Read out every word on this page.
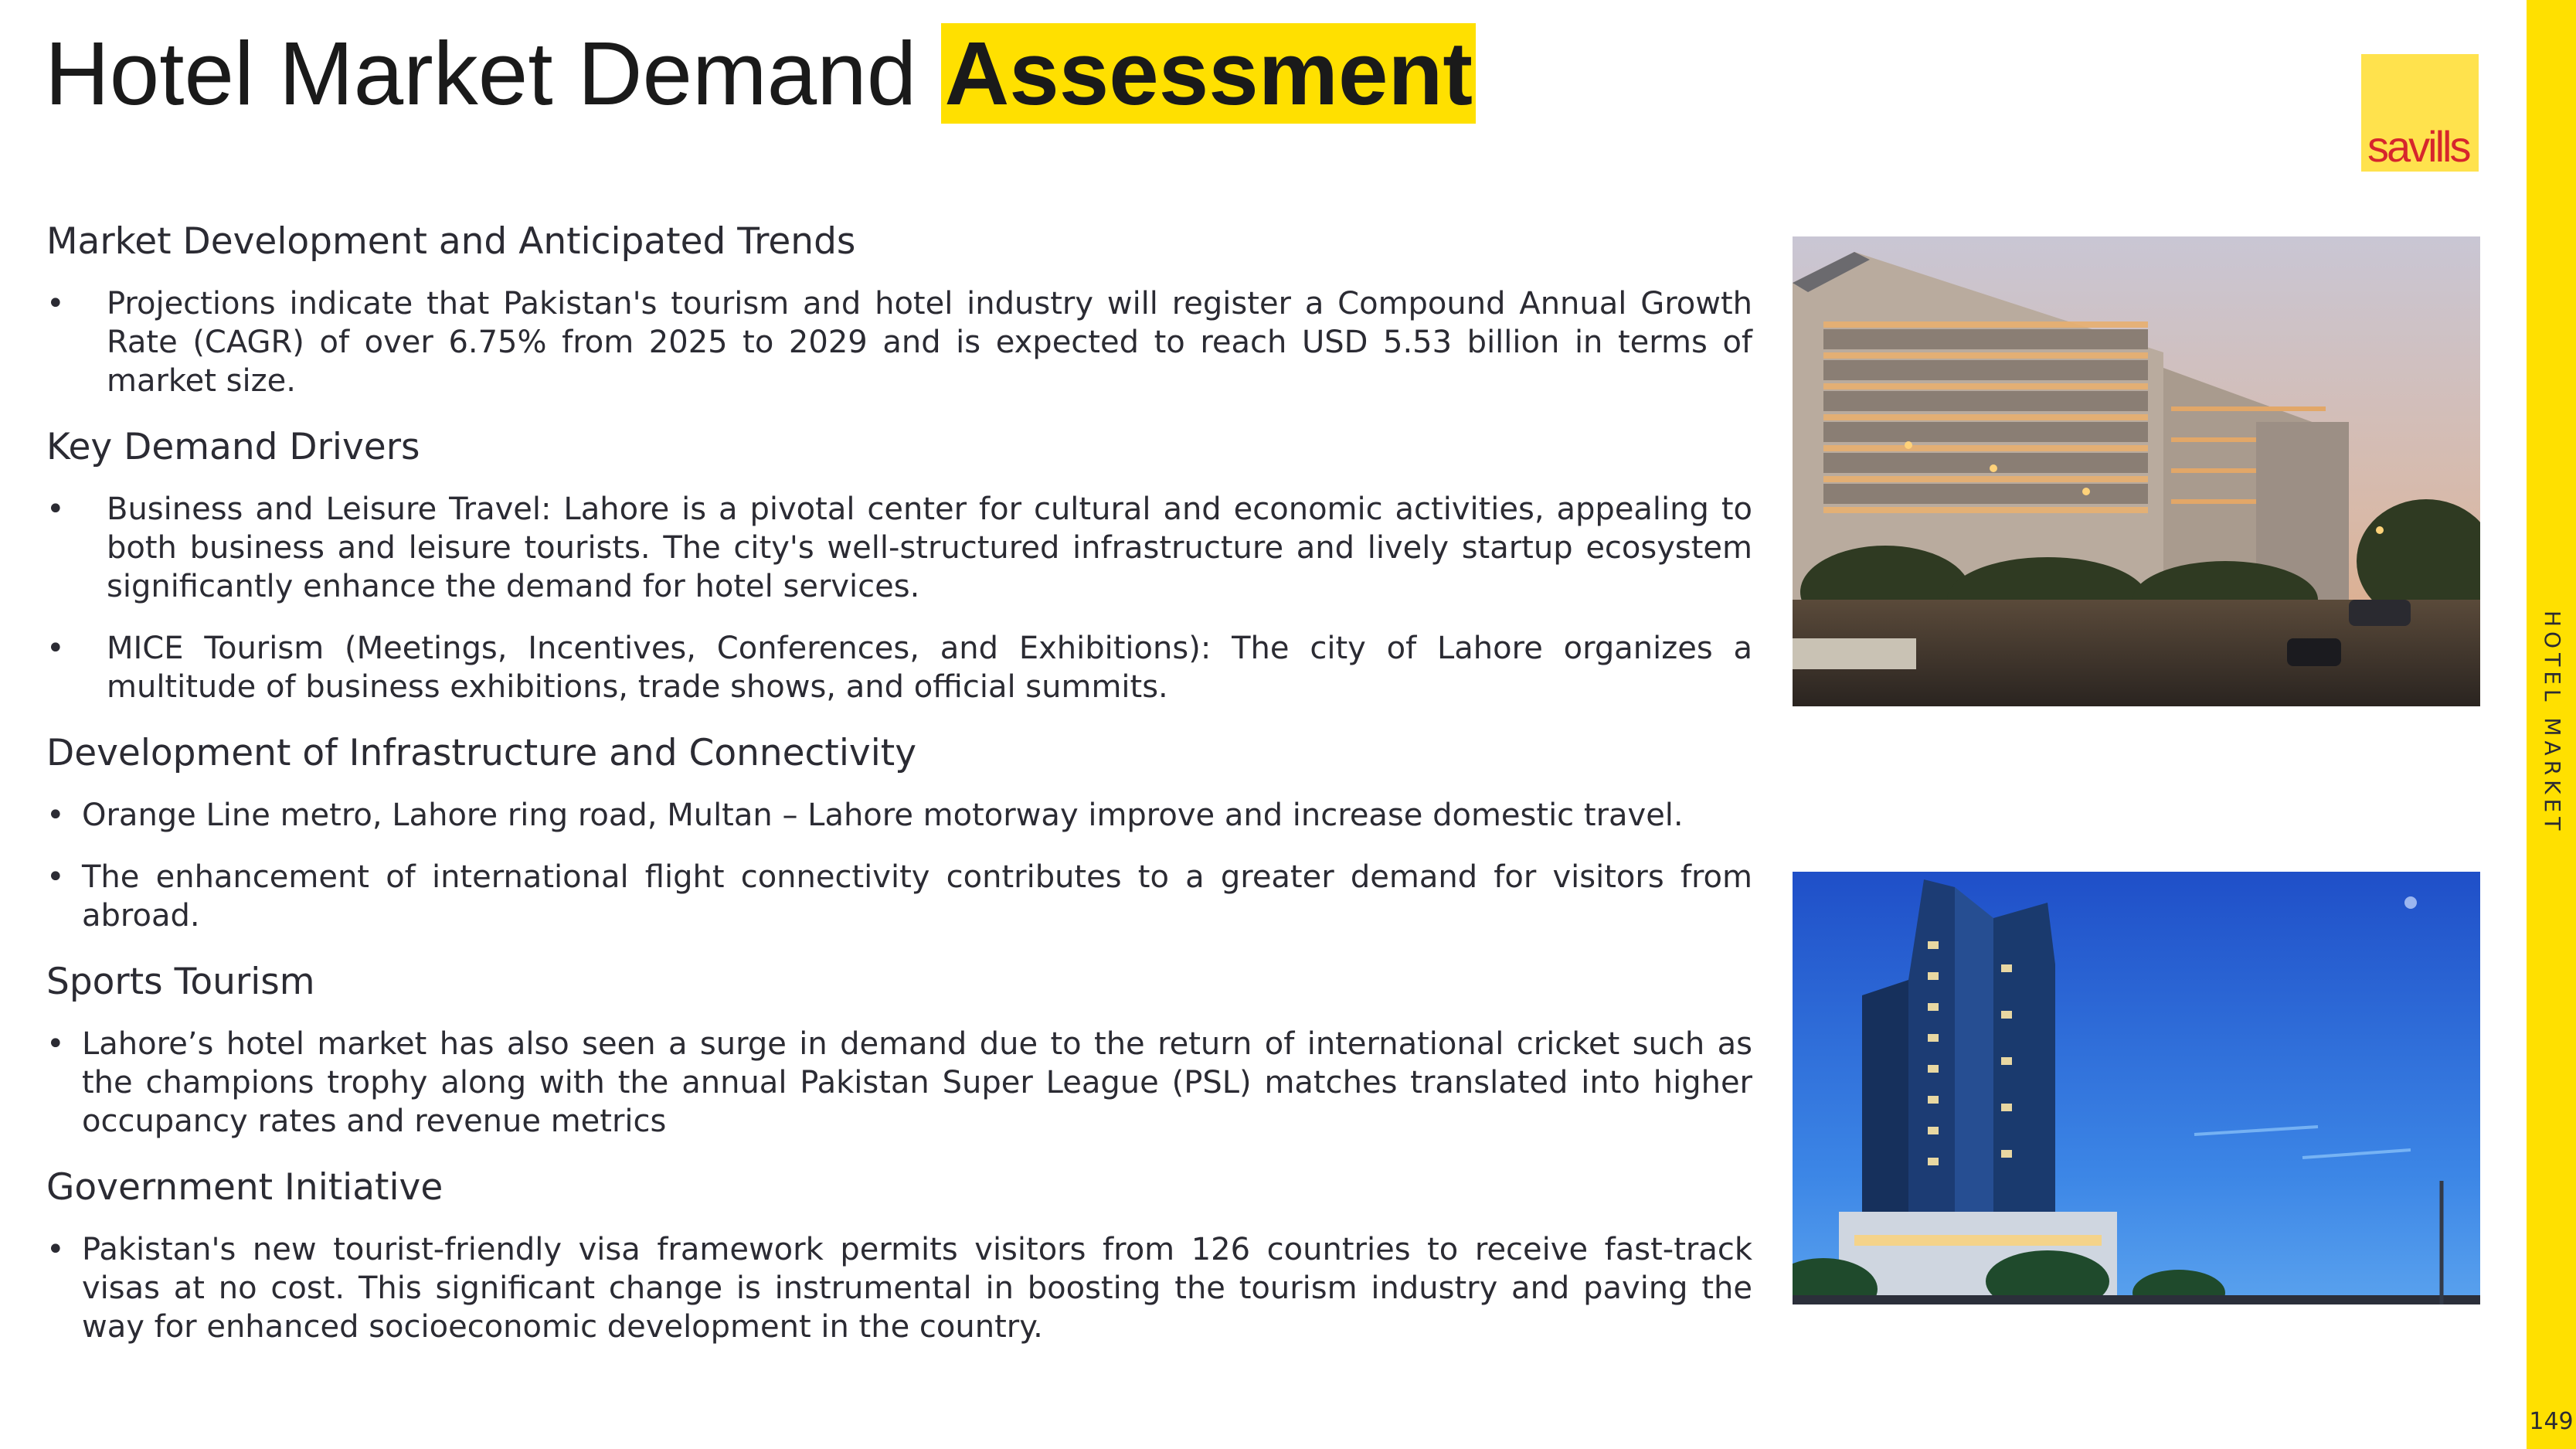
Hotel Market Demand Assessment
savills
HOTEL MARKET
149
Market Development and Anticipated Trends

• Projections indicate that Pakistan's tourism and hotel industry will register a Compound Annual Growth Rate (CAGR) of over 6.75% from 2025 to 2029 and is expected to reach USD 5.53 billion in terms of market size.

Key Demand Drivers

• Business and Leisure Travel: Lahore is a pivotal center for cultural and economic activities, appealing to both business and leisure tourists. The city's well-structured infrastructure and lively startup ecosystem significantly enhance the demand for hotel services.

• MICE Tourism (Meetings, Incentives, Conferences, and Exhibitions): The city of Lahore organizes a multitude of business exhibitions, trade shows, and official summits.

Development of Infrastructure and Connectivity

• Orange Line metro, Lahore ring road, Multan – Lahore motorway improve and increase domestic travel.

• The enhancement of international flight connectivity contributes to a greater demand for visitors from abroad.

Sports Tourism

• Lahore’s hotel market has also seen a surge in demand due to the return of international cricket such as the champions trophy along with the annual Pakistan Super League (PSL) matches translated into higher occupancy rates and revenue metrics

Government Initiative

• Pakistan's new tourist-friendly visa framework permits visitors from 126 countries to receive fast-track visas at no cost. This significant change is instrumental in boosting the tourism industry and paving the way for enhanced socioeconomic development in the country.
